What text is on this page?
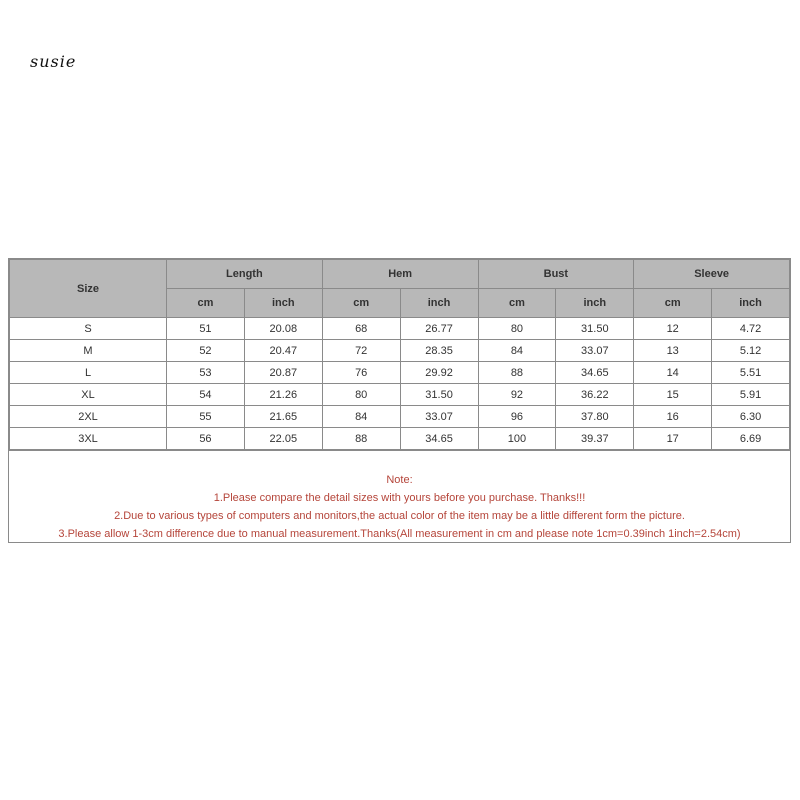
susie
Size	Length		Hem		Bust		Sleeve	
	cm	inch	cm	inch	cm	inch	cm	inch
S	51	20.08	68	26.77	80	31.50	12	4.72
M	52	20.47	72	28.35	84	33.07	13	5.12
L	53	20.87	76	29.92	88	34.65	14	5.51
XL	54	21.26	80	31.50	92	36.22	15	5.91
2XL	55	21.65	84	33.07	96	37.80	16	6.30
3XL	56	22.05	88	34.65	100	39.37	17	6.69
Note:
1.Please compare the detail sizes with yours before you purchase. Thanks!!!
2.Due to various types of computers and monitors,the actual color of the item may be a little different form the picture.
3.Please allow 1-3cm difference due to manual measurement.Thanks(All measurement in cm and please note 1cm=0.39inch 1inch=2.54cm)
